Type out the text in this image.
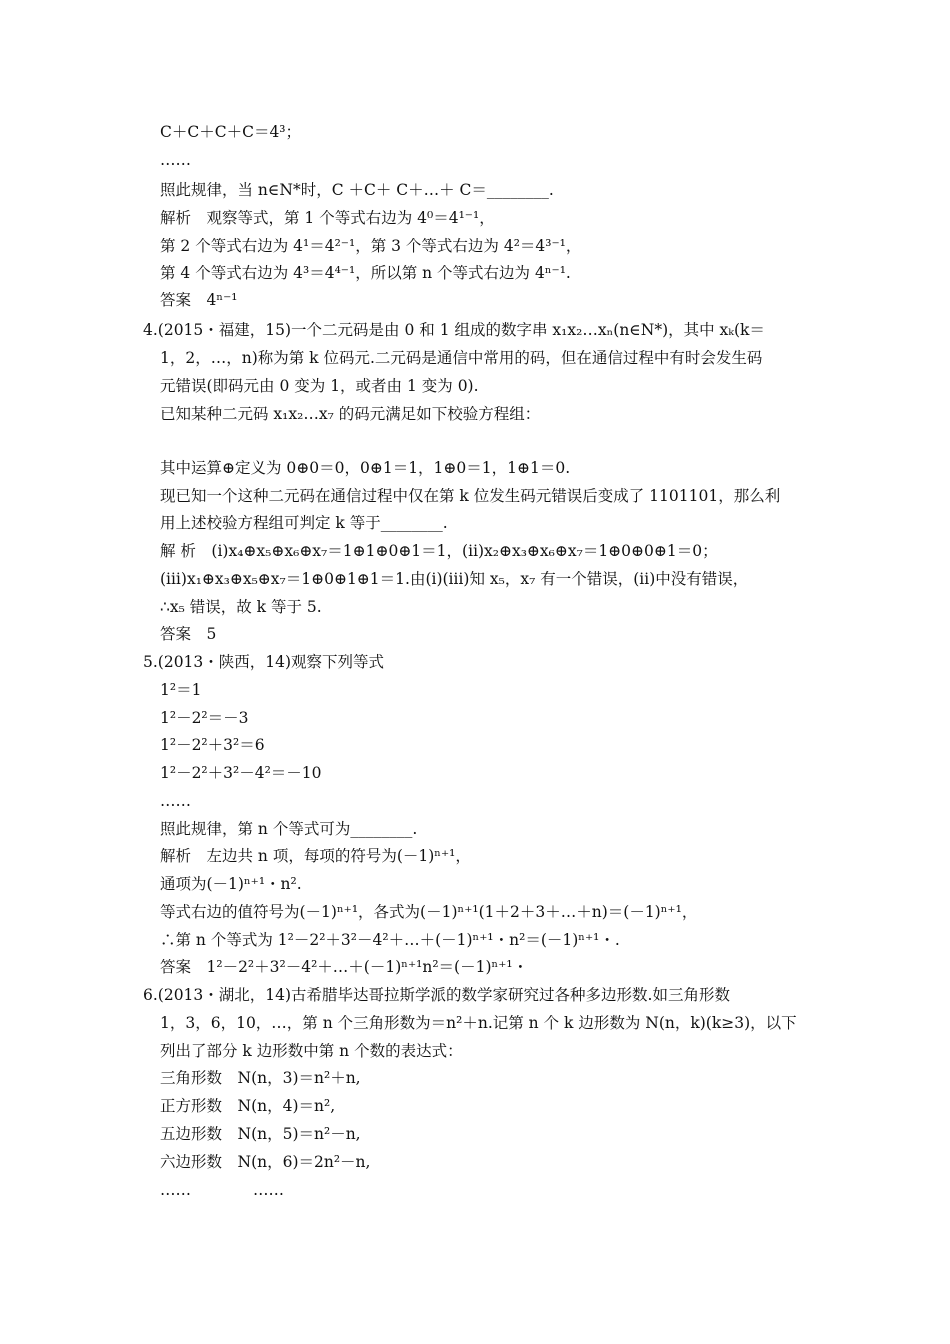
C＋C＋C＋C＝4³；
……
照此规律，当 n∈N*时，C ＋C＋ C＋…＋ C＝________.
解析　观察等式，第 1 个等式右边为 4⁰＝4¹⁻¹，
第 2 个等式右边为 4¹＝4²⁻¹，第 3 个等式右边为 4²＝4³⁻¹，
第 4 个等式右边为 4³＝4⁴⁻¹，所以第 n 个等式右边为 4ⁿ⁻¹.
答案　4ⁿ⁻¹
4.(2015・福建，15)一个二元码是由 0 和 1 组成的数字串 x₁x₂…xₙ(n∈N*)，其中 xₖ(k＝
1，2，…，n)称为第 k 位码元.二元码是通信中常用的码，但在通信过程中有时会发生码
元错误(即码元由 0 变为 1，或者由 1 变为 0).
已知某种二元码 x₁x₂…x₇ 的码元满足如下校验方程组：
其中运算⊕定义为 0⊕0＝0，0⊕1＝1，1⊕0＝1，1⊕1＝0.
现已知一个这种二元码在通信过程中仅在第 k 位发生码元错误后变成了 1101101，那么利
用上述校验方程组可判定 k 等于________.
解 析　(ⅰ)x₄⊕x₅⊕x₆⊕x₇＝1⊕1⊕0⊕1＝1，(ⅱ)x₂⊕x₃⊕x₆⊕x₇＝1⊕0⊕0⊕1＝0；
(ⅲ)x₁⊕x₃⊕x₅⊕x₇＝1⊕0⊕1⊕1＝1.由(ⅰ)(ⅲ)知 x₅，x₇ 有一个错误，(ⅱ)中没有错误，
∴x₅ 错误，故 k 等于 5.
答案　5
5.(2013・陕西，14)观察下列等式
1²＝1
1²－2²＝－3
1²－2²＋3²＝6
1²－2²＋3²－4²＝－10
……
照此规律，第 n 个等式可为________.
解析　左边共 n 项，每项的符号为(－1)ⁿ⁺¹，
通项为(－1)ⁿ⁺¹・n².
等式右边的值符号为(－1)ⁿ⁺¹，各式为(－1)ⁿ⁺¹(1＋2＋3＋…＋n)＝(－1)ⁿ⁺¹，
∴第 n 个等式为 1²－2²＋3²－4²＋…＋(－1)ⁿ⁺¹・n²＝(－1)ⁿ⁺¹・.
答案　1²－2²＋3²－4²＋…＋(－1)ⁿ⁺¹n²＝(－1)ⁿ⁺¹・
6.(2013・湖北，14)古希腊毕达哥拉斯学派的数学家研究过各种多边形数.如三角形数
1，3，6，10，…，第 n 个三角形数为＝n²＋n.记第 n 个 k 边形数为 N(n，k)(k≥3)，以下
列出了部分 k 边形数中第 n 个数的表达式：
三角形数　N(n，3)＝n²＋n,
正方形数　N(n，4)＝n²,
五边形数　N(n，5)＝n²－n,
六边形数　N(n，6)＝2n²－n,
……　　　　……
